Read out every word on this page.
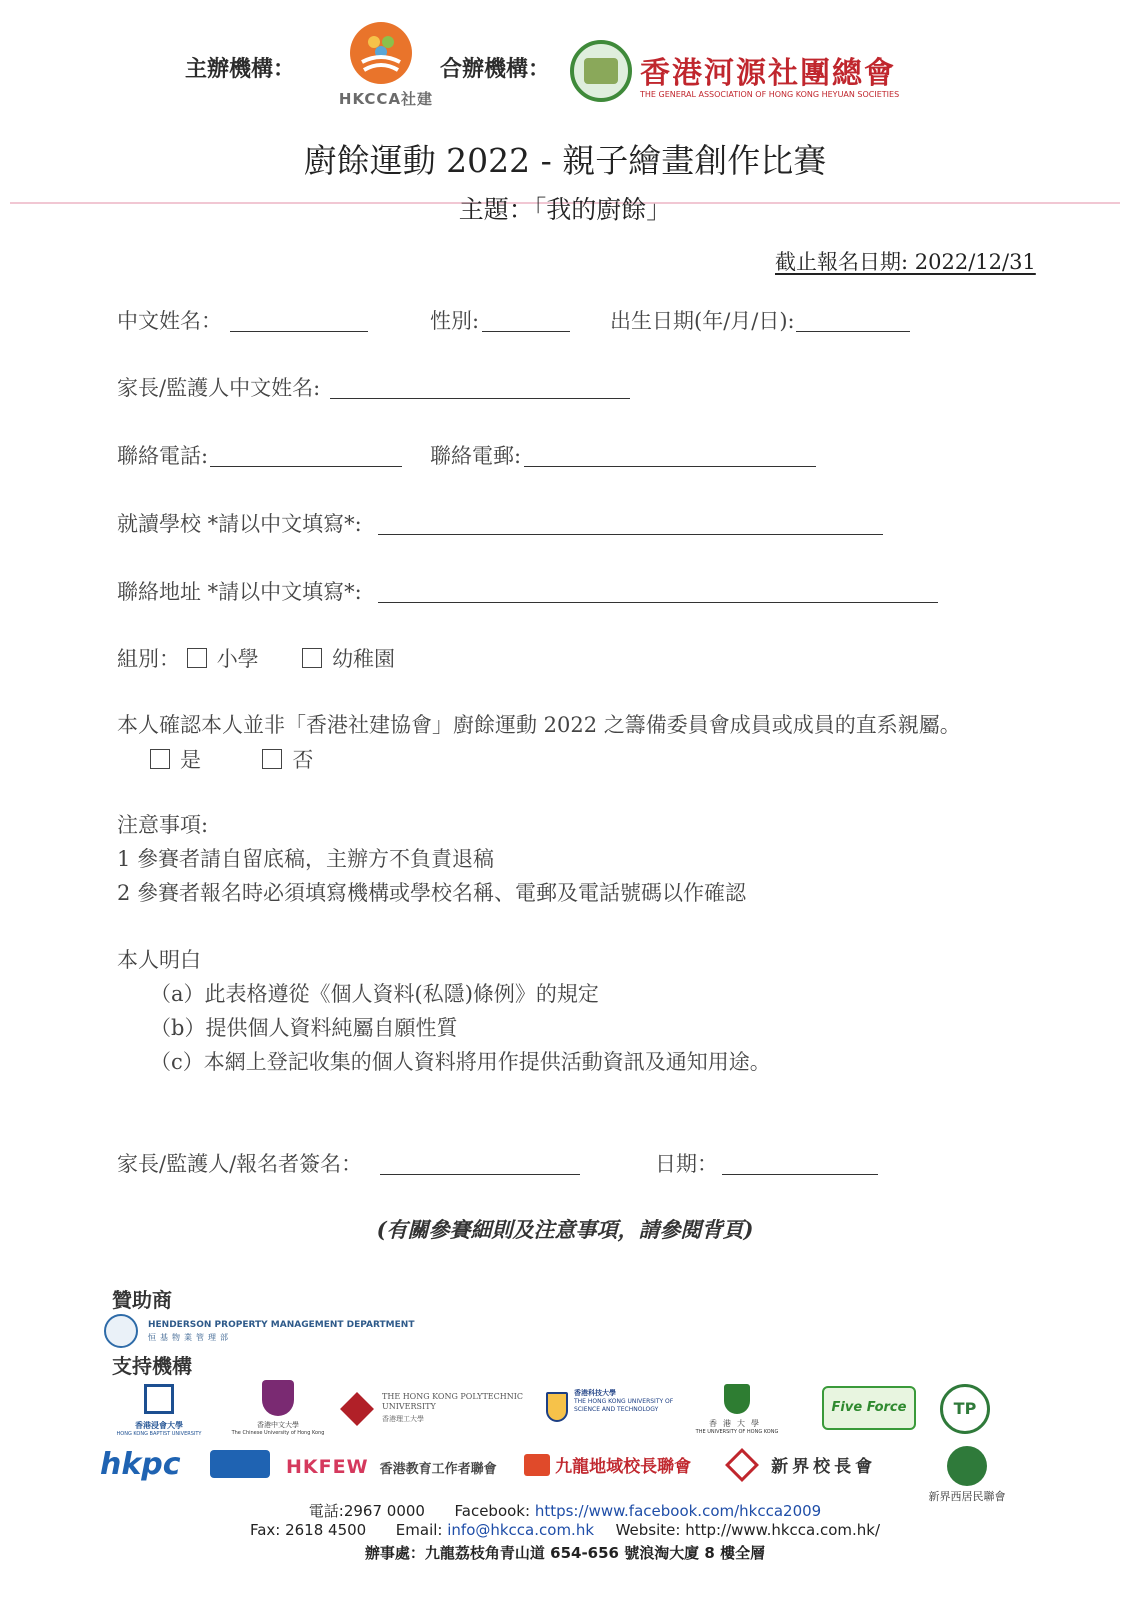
主辦機構：
HKCCA社建
合辦機構：	香港河源社團總會
THE GENERAL ASSOCIATION OF HONG KONG HEYUAN SOCIETIES
廚餘運動 2022 - 親子繪畫創作比賽
主題：「我的廚餘」
截止報名日期: 2022/12/31
中文姓名：	性別:	出生日期(年/月/日):
家長/監護人中文姓名:
聯絡電話:	聯絡電郵:
就讀學校 *請以中文填寫*:
聯絡地址 *請以中文填寫*:
組別： 小學	幼稚園
本人確認本人並非「香港社建協會」廚餘運動 2022 之籌備委員會成員或成員的直系親屬。
是	否
注意事項:
1 參賽者請自留底稿，主辦方不負責退稿
2 參賽者報名時必須填寫機構或學校名稱、電郵及電話號碼以作確認
本人明白
（a）此表格遵從《個人資料(私隱)條例》的規定
（b）提供個人資料純屬自願性質
（c）本網上登記收集的個人資料將用作提供活動資訊及通知用途。
家長/監護人/報名者簽名：	日期：
(有關參賽細則及注意事項，請參閱背頁)
贊助商
HENDERSON PROPERTY MANAGEMENT DEPARTMENT
恒基物業管理部
支持機構
香港浸會大學
HONG KONG BAPTIST UNIVERSITY
香港中文大學
The Chinese University of Hong Kong
THE HONG KONG POLYTECHNIC UNIVERSITY
香港理工大學
香港科技大學
THE HONG KONG UNIVERSITY OF SCIENCE AND TECHNOLOGY
香港大學
THE UNIVERSITY OF HONG KONG
Five Force	TP
hkpc	HKFEW 香港教育工作者聯會	九龍地域校長聯會	新界校長會
新界西居民聯會
電話:2967 0000 Facebook: https://www.facebook.com/hkcca2009
Fax: 2618 4500 Email: info@hkcca.com.hk Website: http://www.hkcca.com.hk/
辦事處：九龍荔枝角青山道 654-656 號浪淘大廈 8 樓全層
